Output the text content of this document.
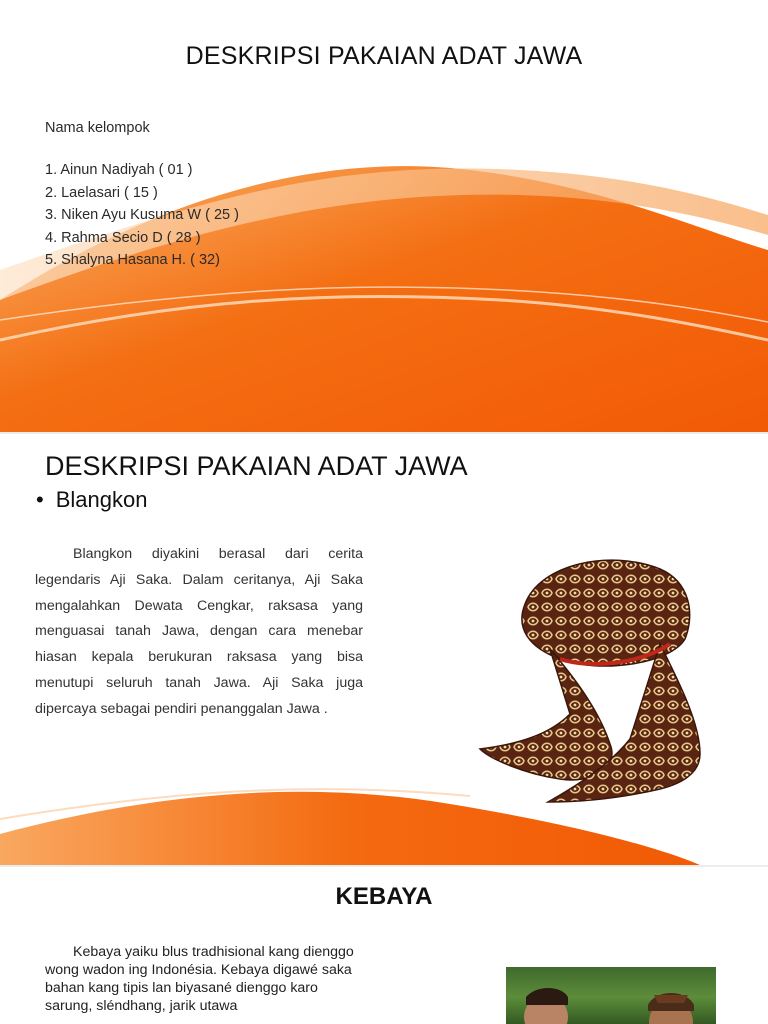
DESKRIPSI PAKAIAN ADAT JAWA
Nama kelompok
1. Ainun Nadiyah ( 01 )
2. Laelasari ( 15 )
3. Niken Ayu Kusuma W ( 25 )
4. Rahma Secio D ( 28 )
5. Shalyna Hasana H. ( 32)
DESKRIPSI PAKAIAN ADAT JAWA
• Blangkon
Blangkon diyakini berasal dari cerita legendaris Aji Saka. Dalam ceritanya, Aji Saka mengalahkan Dewata Cengkar, raksasa yang menguasai tanah Jawa, dengan cara menebar hiasan kepala berukuran raksasa yang bisa menutupi seluruh tanah Jawa. Aji Saka juga dipercaya sebagai pendiri penanggalan Jawa .
KEBAYA
Kebaya yaiku blus tradhisional kang dienggo wong wadon ing Indonésia. Kebaya digawé saka bahan kang tipis lan biyasané dienggo karo sarung, sléndhang, jarik utawa
